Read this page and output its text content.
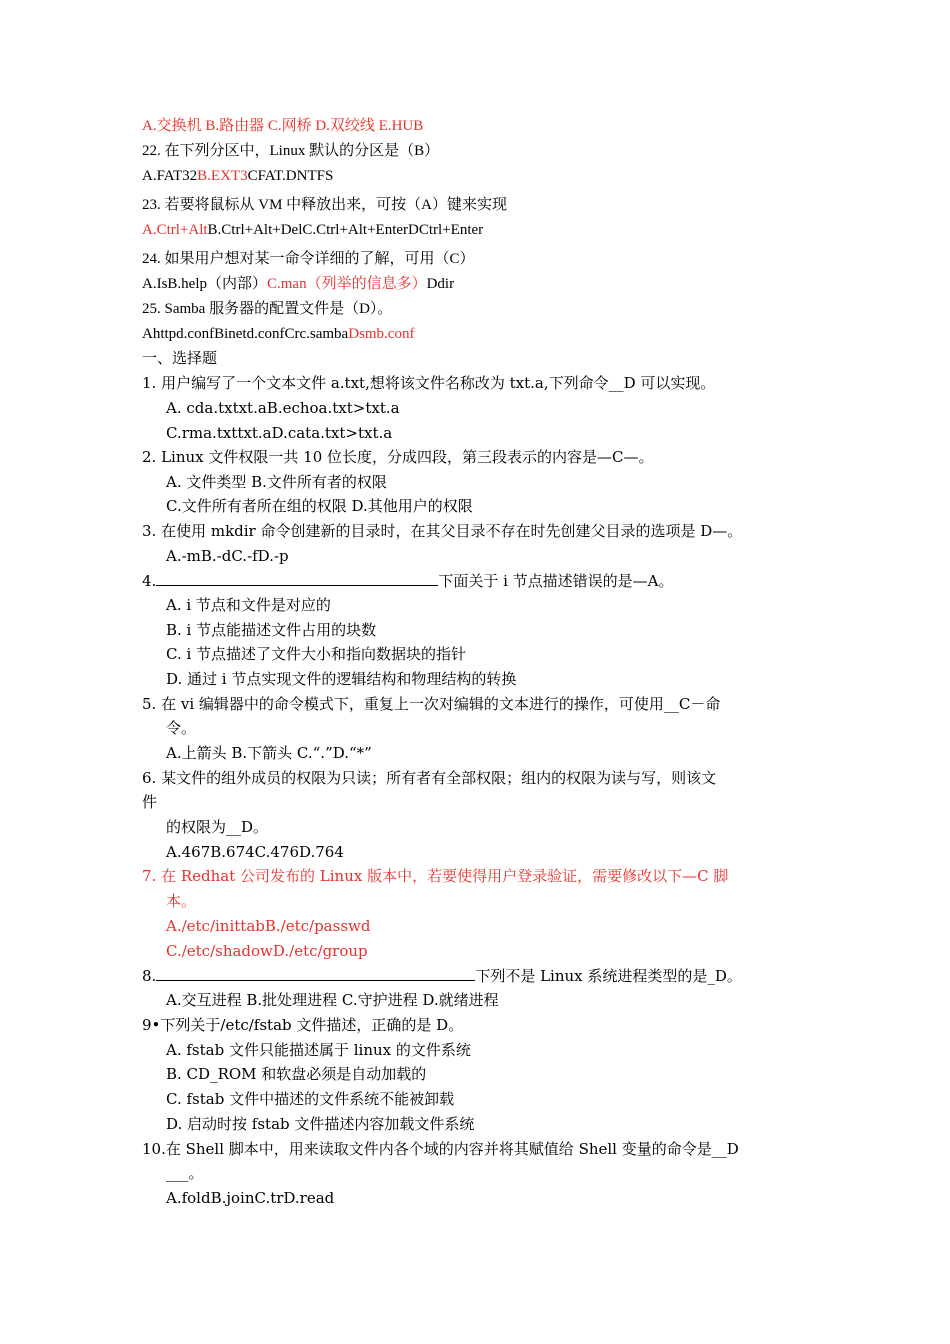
A.交换机 B.路由器 C.网桥 D.双绞线 E.HUB
22. 在下列分区中，Linux 默认的分区是（B）
A.FAT32B.EXT3CFAT.DNTFS
23. 若要将鼠标从 VM 中释放出来，可按（A）键来实现
A.Ctrl+AltB.Ctrl+Alt+DelC.Ctrl+Alt+EnterDCtrl+Enter
24. 如果用户想对某一命令详细的了解，可用（C）
A.IsB.help（内部）C.man（列举的信息多）Ddir
25. Samba 服务器的配置文件是（D）。
Ahttpd.confBinetd.confCrc.sambaDsmb.conf
一、选择题
1. 用户编写了一个文本文件 a.txt,想将该文件名称改为 txt.a,下列命令__D 可以实现。
A. cda.txtxt.aB.echoa.txt>txt.a
C.rma.txttxt.aD.cata.txt>txt.a
2. Linux 文件权限一共 10 位长度，分成四段，第三段表示的内容是—C—。
A. 文件类型 B.文件所有者的权限
C.文件所有者所在组的权限 D.其他用户的权限
3. 在使用 mkdir 命令创建新的目录时，在其父目录不存在时先创建父目录的选项是 D—。
A.-mB.-dC.-fD.-p
4.	下面关于 i 节点描述错误的是—A。
A. i 节点和文件是对应的
B. i 节点能描述文件占用的块数
C. i 节点描述了文件大小和指向数据块的指针
D. 通过 i 节点实现文件的逻辑结构和物理结构的转换
5. 在 vi 编辑器中的命令模式下，重复上一次对编辑的文本进行的操作，可使用__C－命
令。
A.上箭头 B.下箭头 C.“.”D.“*”
6. 某文件的组外成员的权限为只读；所有者有全部权限；组内的权限为读与写，则该文
件
的权限为__D。
A.467B.674C.476D.764
7. 在 Redhat 公司发布的 Linux 版本中，若要使得用户登录验证，需要修改以下—C 脚
本。
A./etc/inittabB./etc/passwd
C./etc/shadowD./etc/group
8.	下列不是 Linux 系统进程类型的是_D。
A.交互进程 B.批处理进程 C.守护进程 D.就绪进程
9•下列关于/etc/fstab 文件描述，正确的是 D。
A. fstab 文件只能描述属于 linux 的文件系统
B. CD_ROM 和软盘必须是自动加载的
C. fstab 文件中描述的文件系统不能被卸载
D. 启动时按 fstab 文件描述内容加载文件系统
10.在 Shell 脚本中，用来读取文件内各个域的内容并将其赋值给 Shell 变量的命令是__D
___。
A.foldB.joinC.trD.read
